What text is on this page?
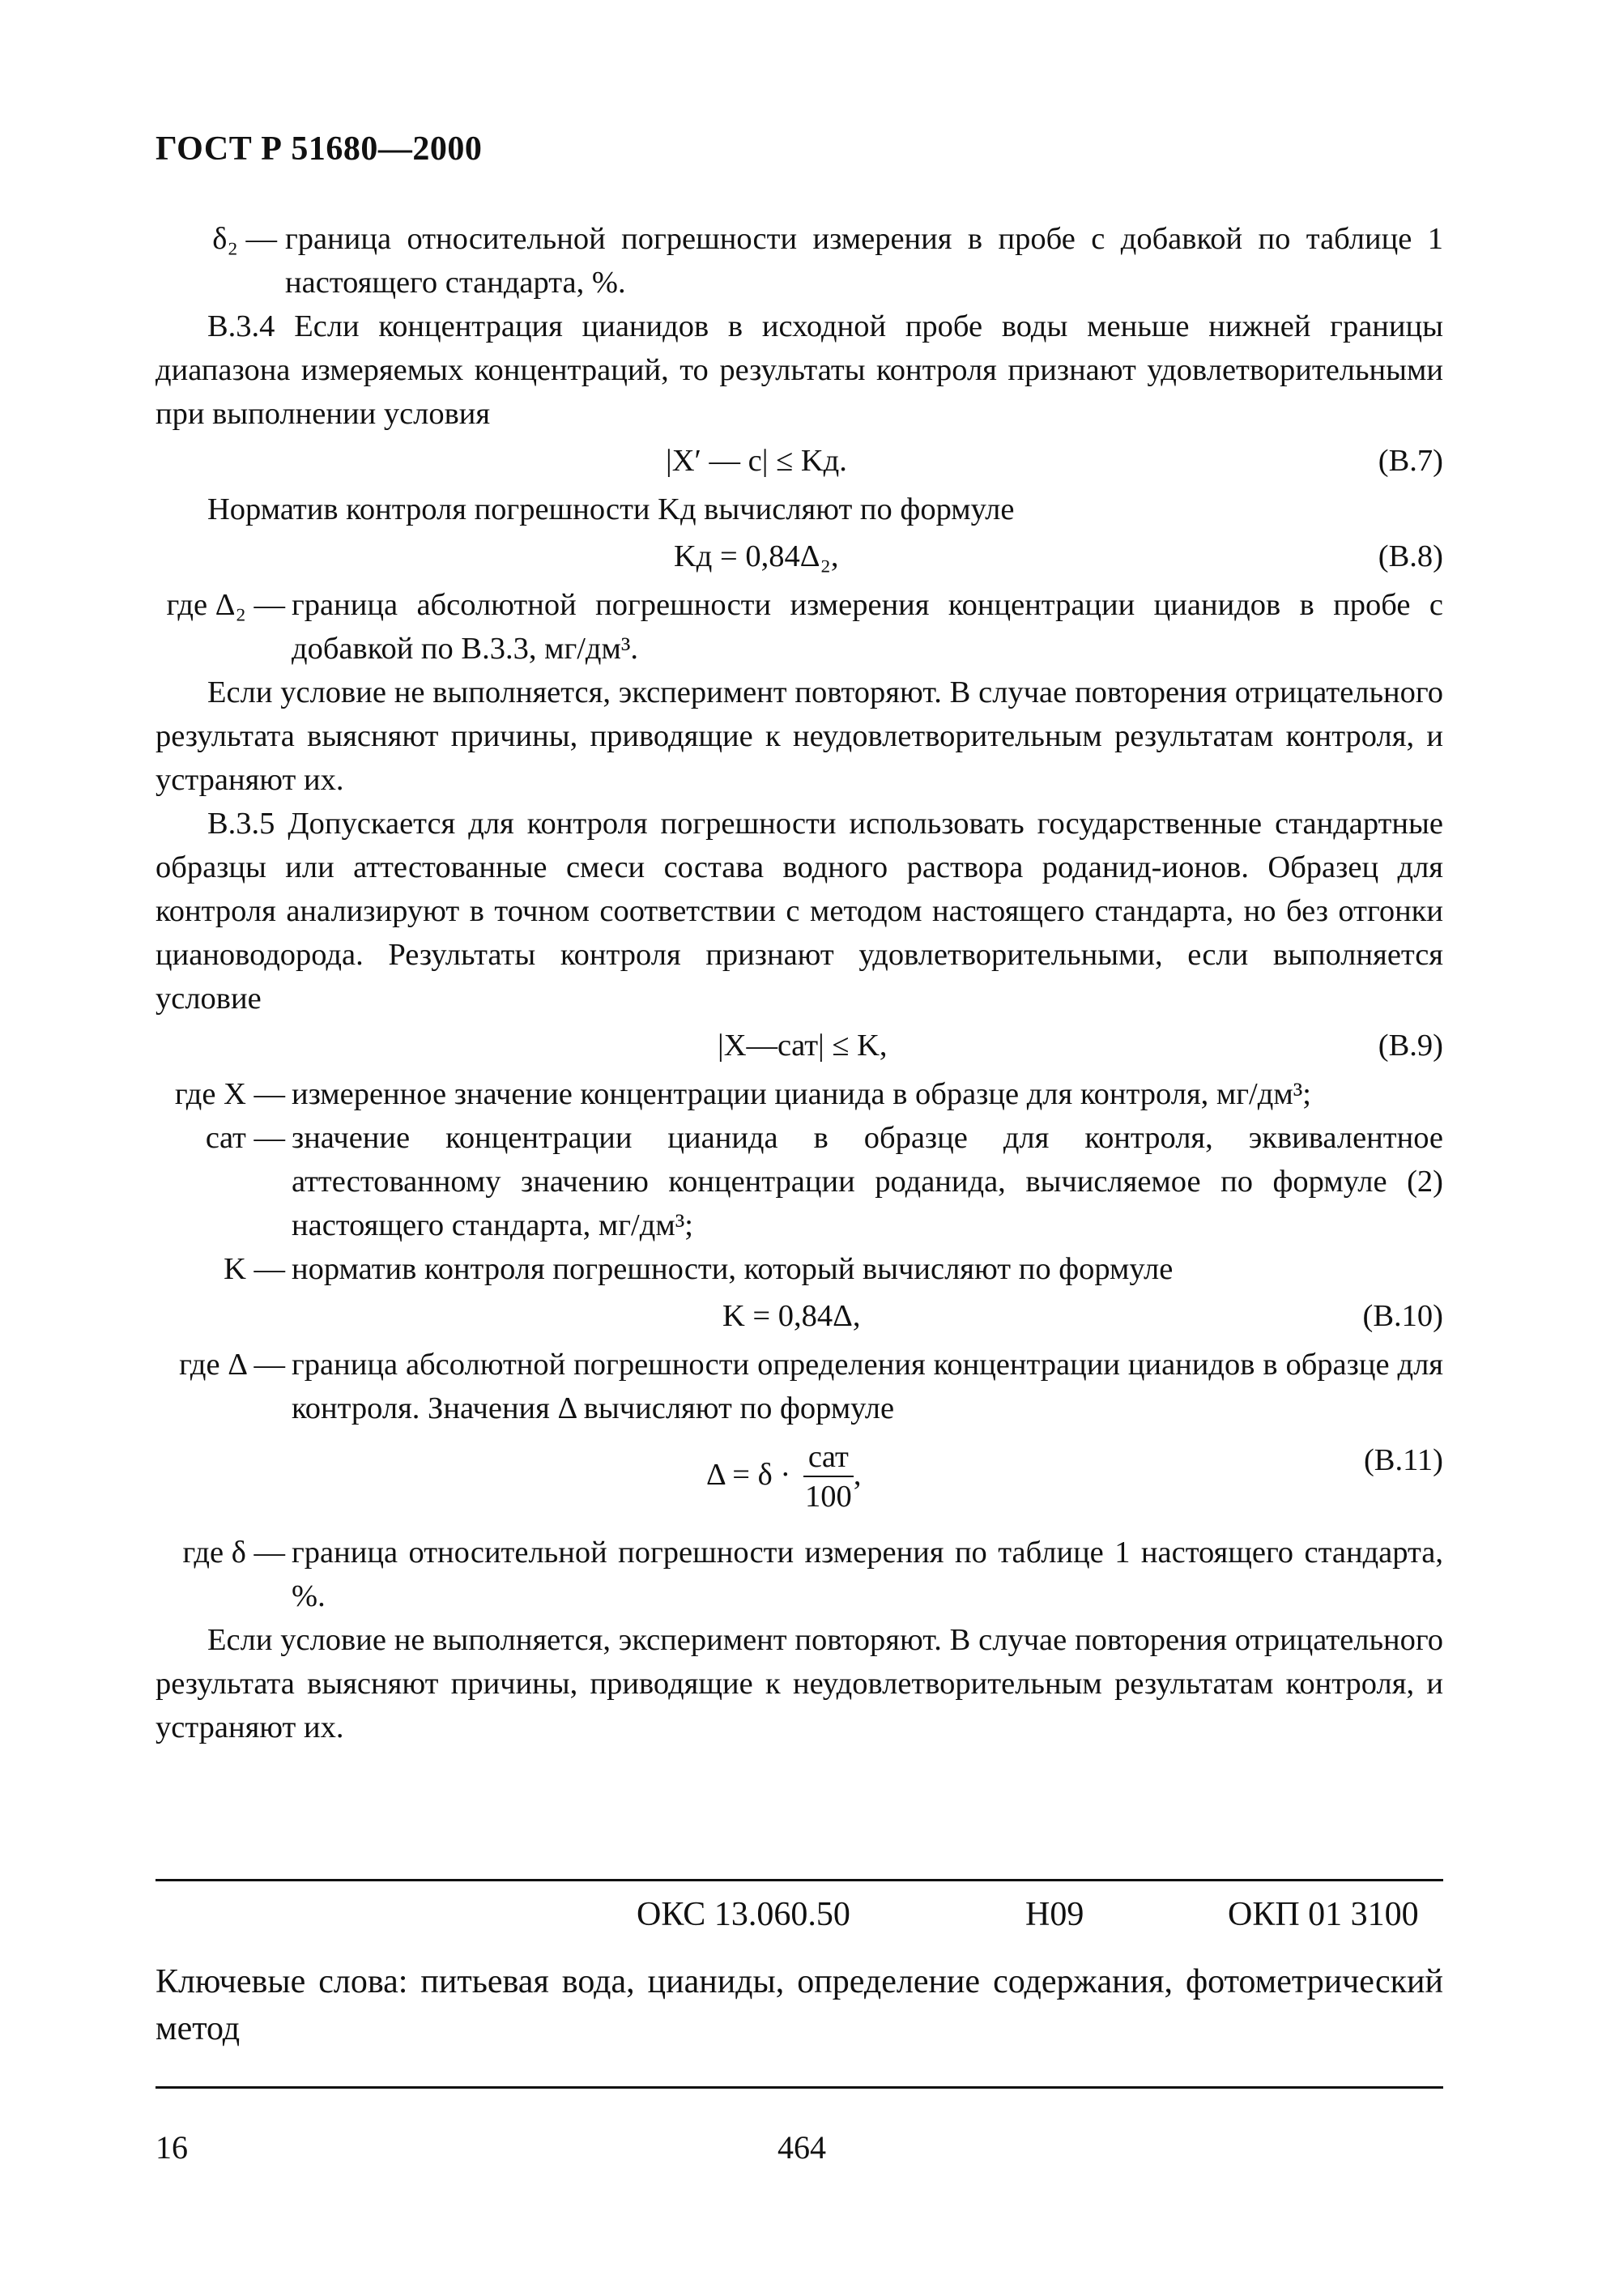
ГОСТ Р 51680—2000
δ₂ — граница относительной погрешности измерения в пробе с добавкой по таблице 1 настоящего стандарта, %.

В.3.4 Если концентрация цианидов в исходной пробе воды меньше нижней границы диапазона измеряемых концентраций, то результаты контроля признают удовлетворительными при выполнении условия

|X′ — c| ≤ Kд.	(В.7)

Норматив контроля погрешности Kд вычисляют по формуле

Kд = 0,84Δ₂,	(В.8)
где Δ₂ — граница абсолютной погрешности измерения концентрации цианидов в пробе с добавкой по В.3.3, мг/дм³.

Если условие не выполняется, эксперимент повторяют. В случае повторения отрицательного результата выясняют причины, приводящие к неудовлетворительным результатам контроля, и устраняют их.

В.3.5 Допускается для контроля погрешности использовать государственные стандартные образцы или аттестованные смеси состава водного раствора роданид-ионов. Образец для контроля анализируют в точном соответствии с методом настоящего стандарта, но без отгонки циановодорода. Результаты контроля признают удовлетворительными, если выполняется условие

|X—cат| ≤ K,	(В.9)
где X — измеренное значение концентрации цианида в образце для контроля, мг/дм³;
cат — значение концентрации цианида в образце для контроля, эквивалентное аттестованному значению концентрации роданида, вычисляемое по формуле (2) настоящего стандарта, мг/дм³;
K — норматив контроля погрешности, который вычисляют по формуле
K = 0,84Δ,	(В.10)
где Δ — граница абсолютной погрешности определения концентрации цианидов в образце для контроля. Значения Δ вычисляют по формуле
$\Delta = \delta \cdot \frac{\text{cат}}{100}$ ,	(В.11)
где δ — граница относительной погрешности измерения по таблице 1 настоящего стандарта, %.

Если условие не выполняется, эксперимент повторяют. В случае повторения отрицательного результата выясняют причины, приводящие к неудовлетворительным результатам контроля, и устраняют их.

ОКС 13.060.50	Н09	ОКП 01 3100
Ключевые слова: питьевая вода, цианиды, определение содержания, фотометрический метод
16	464
